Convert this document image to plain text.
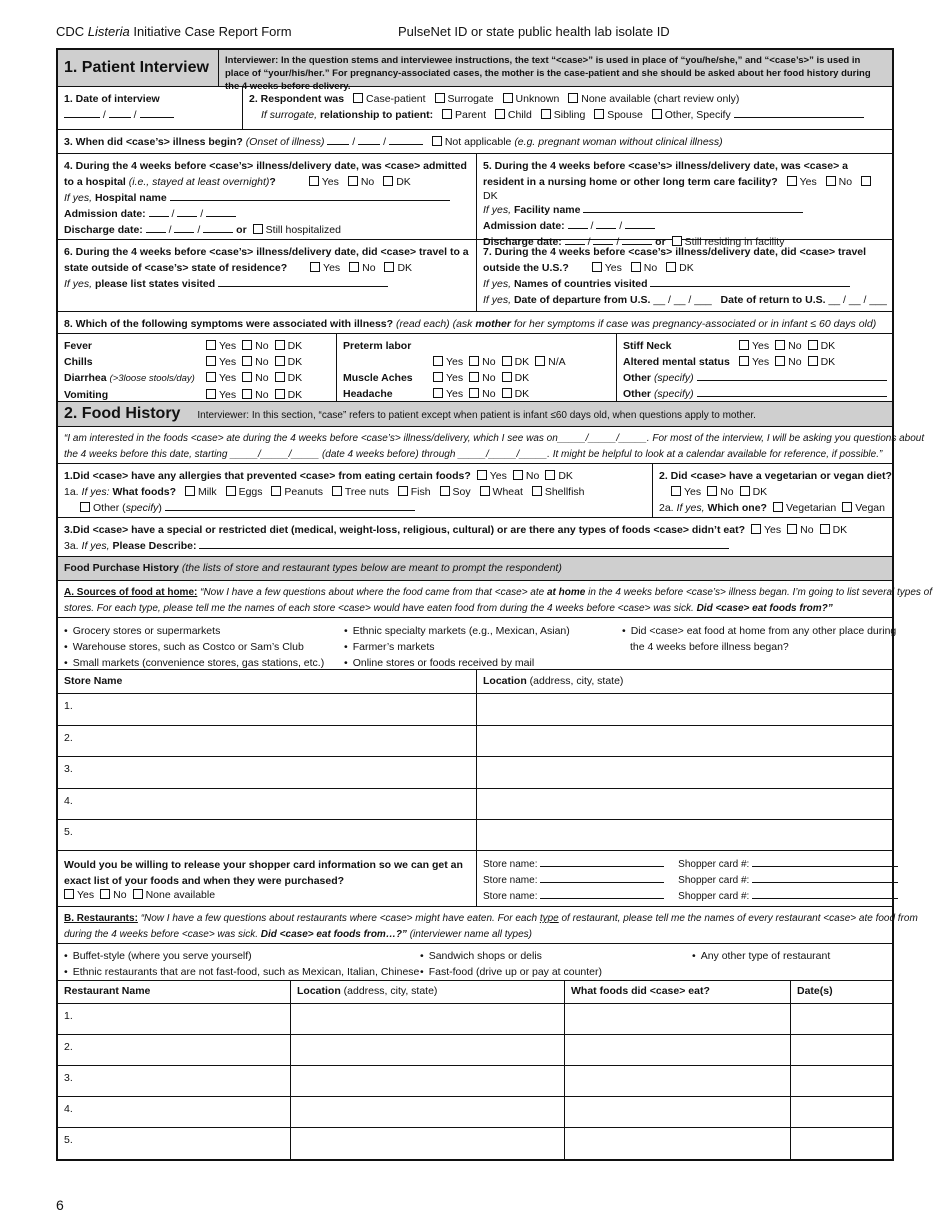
CDC Listeria Initiative Case Report Form	PulseNet ID or state public health lab isolate ID
1. Patient Interview	Interviewer: In the question stems and interviewee instructions, the text “<case>” is used in place of “you/he/she,” and “<case’s>” is used in place of “your/his/her.” For pregnancy-associated cases, the mother is the case-patient and she should be asked about her food history during the 4 weeks before delivery.
1. Date of interview
/  /
2. Respondent was Case-patient Surrogate Unknown None available (chart review only)
If surrogate, relationship to patient: Parent Child Sibling Spouse Other, Specify
3. When did <case’s> illness begin? (Onset of illness)  /  /	Not applicable (e.g. pregnant woman without clinical illness)
4. During the 4 weeks before <case’s> illness/delivery date, was <case> admitted to a hospital (i.e., stayed at least overnight)?	Yes No DK
If yes, Hospital name
Admission date:  /  /
Discharge date:  /  /	or Still hospitalized
5. During the 4 weeks before <case’s> illness/delivery date, was <case> a resident in a nursing home or other long term care facility? Yes No DK
If yes, Facility name
Admission date:  /  /
Discharge date:  /  /	or Still residing in facility
6. During the 4 weeks before <case’s> illness/delivery date, did <case> travel to a state outside of <case’s> state of residence?	Yes No DK
If yes, please list states visited
7. During the 4 weeks before <case’s> illness/delivery date, did <case> travel outside the U.S.?	Yes No DK
If yes, Names of countries visited
If yes, Date of departure from U.S. __ / __ / ___   Date of return to U.S. __ / __ / ___
8. Which of the following symptoms were associated with illness? (read each) (ask mother for her symptoms if case was pregnancy-associated or in infant ≤ 60 days old)
Fever	Yes No DK
Chills	Yes No DK
Diarrhea (>3loose stools/day) Yes No DK
Vomiting	Yes No DK
Preterm labor
Yes No DK N/A
Muscle Aches	Yes No DK
Headache	Yes No DK
Stiff Neck	Yes No DK
Altered mental status Yes No DK
Other (specify)
Other (specify)
2. Food History Interviewer: In this section, “case” refers to patient except when patient is infant ≤60 days old, when questions apply to mother.
“I am interested in the foods <case> ate during the 4 weeks before <case’s> illness/delivery, which I see was on_____/_____/_____. For most of the interview, I will be asking you questions about
the 4 weeks before this date, starting _____/_____/_____ (date 4 weeks before) through _____/_____/_____. It might be helpful to look at a calendar available for reference, if possible.”
1.Did <case> have any allergies that prevented <case> from eating certain foods? Yes No DK
1a. If yes: What foods? Milk Eggs Peanuts Tree nuts Fish Soy Wheat Shellfish
Other (specify)
2. Did <case> have a vegetarian or vegan diet?
Yes No DK
2a. If yes, Which one? Vegetarian Vegan
3.Did <case> have a special or restricted diet (medical, weight-loss, religious, cultural) or are there any types of foods <case> didn’t eat? Yes No DK
3a. If yes, Please Describe:
Food Purchase History (the lists of store and restaurant types below are meant to prompt the respondent)
A. Sources of food at home: “Now I have a few questions about where the food came from that <case> ate at home in the 4 weeks before <case’s> illness began. I’m going to list several types of
stores. For each type, please tell me the names of each store <case> would have eaten food from during the 4 weeks before <case> was sick. Did <case> eat foods from?”
• Grocery stores or supermarkets
• Warehouse stores, such as Costco or Sam’s Club
• Small markets (convenience stores, gas stations, etc.)
• Ethnic specialty markets (e.g., Mexican, Asian)
• Farmer’s markets
• Online stores or foods received by mail
• Did <case> eat food at home from any other place during
the 4 weeks before illness began?
Store Name	Location (address, city, state)
1.
2.
3.
4.
5.
Would you be willing to release your shopper card information so we can get an exact list of your foods and when they were purchased?
Yes No None available
Store name:	Shopper card #:
Store name:	Shopper card #:
Store name:	Shopper card #:
B. Restaurants: “Now I have a few questions about restaurants where <case> might have eaten. For each type of restaurant, please tell me the names of every restaurant <case> ate food from
during the 4 weeks before <case> was sick. Did <case> eat foods from…?” (interviewer name all types)
• Buffet-style (where you serve yourself)
• Ethnic restaurants that are not fast-food, such as Mexican, Italian, Chinese
• Sandwich shops or delis
• Fast-food (drive up or pay at counter)
• Any other type of restaurant
Restaurant Name	Location (address, city, state)	What foods did <case> eat?	Date(s)
1.
2.
3.
4.
5.
6
